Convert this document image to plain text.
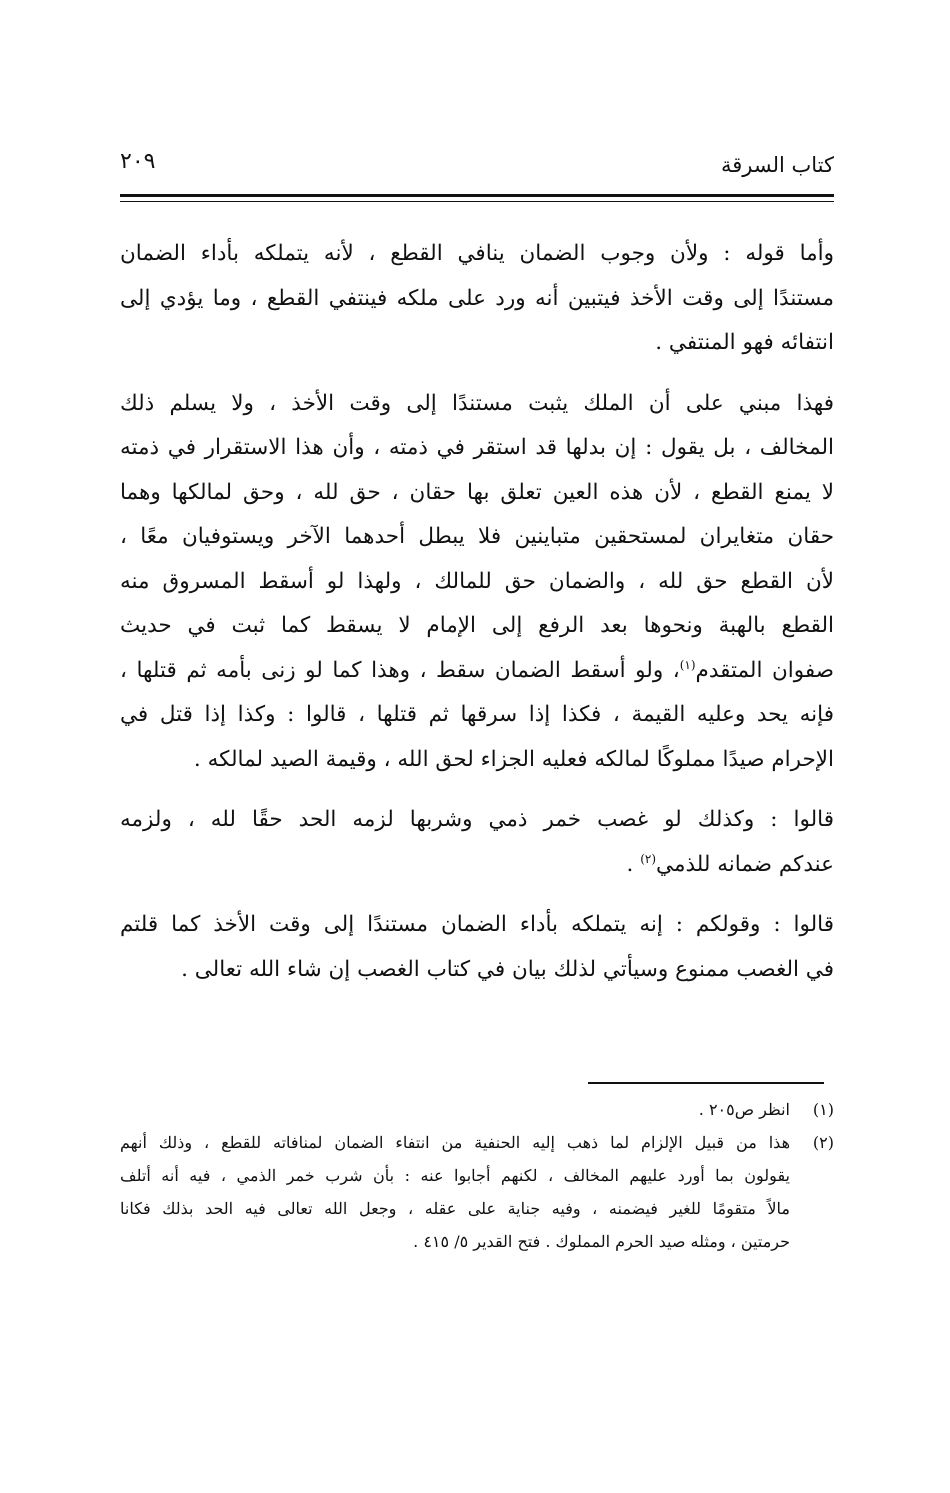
كتاب السرقة
٢٠٩

وأما قوله : ولأن وجوب الضمان ينافي القطع ، لأنه يتملكه بأداء الضمان
مستندًا إلى وقت الأخذ فيتبين أنه ورد على ملكه فينتفي القطع ، وما يؤدي إلى
انتفائه فهو المنتفي .

فهذا مبني على أن الملك يثبت مستندًا إلى وقت الأخذ ، ولا يسلم ذلك
المخالف ، بل يقول : إن بدلها قد استقر في ذمته ، وأن هذا الاستقرار في ذمته
لا يمنع القطع ، لأن هذه العين تعلق بها حقان ، حق لله ، وحق لمالكها وهما
حقان متغايران لمستحقين متباينين فلا يبطل أحدهما الآخر ويستوفيان معًا ،
لأن القطع حق لله ، والضمان حق للمالك ، ولهذا لو أسقط المسروق منه
القطع بالهبة ونحوها بعد الرفع إلى الإمام لا يسقط كما ثبت في حديث
صفوان المتقدم$^{(١)}$، ولو أسقط الضمان سقط ، وهذا كما لو زنى بأمه ثم قتلها ،
فإنه يحد وعليه القيمة ، فكذا إذا سرقها ثم قتلها ، قالوا : وكذا إذا قتل في
الإحرام صيدًا مملوكًا لمالكه فعليه الجزاء لحق الله ، وقيمة الصيد لمالكه .

قالوا : وكذلك لو غصب خمر ذمي وشربها لزمه الحد حقًا لله ، ولزمه
عندكم ضمانه للذمي$^{(٢)}$ .

قالوا : وقولكم : إنه يتملكه بأداء الضمان مستندًا إلى وقت الأخذ كما قلتم
في الغصب ممنوع وسيأتي لذلك بيان في كتاب الغصب إن شاء الله تعالى .

(١)
انظر ص٢٠٥ .
(٢)
هذا من قبيل الإلزام لما ذهب إليه الحنفية من انتفاء الضمان لمنافاته للقطع ، وذلك أنهم
يقولون بما أورد عليهم المخالف ، لكنهم أجابوا عنه : بأن شرب خمر الذمي ، فيه أنه أتلف
مالاً متقومًا للغير فيضمنه ، وفيه جناية على عقله ، وجعل الله تعالى فيه الحد بذلك فكانا
حرمتين ، ومثله صيد الحرم المملوك . فتح القدير ٥/ ٤١٥ .
